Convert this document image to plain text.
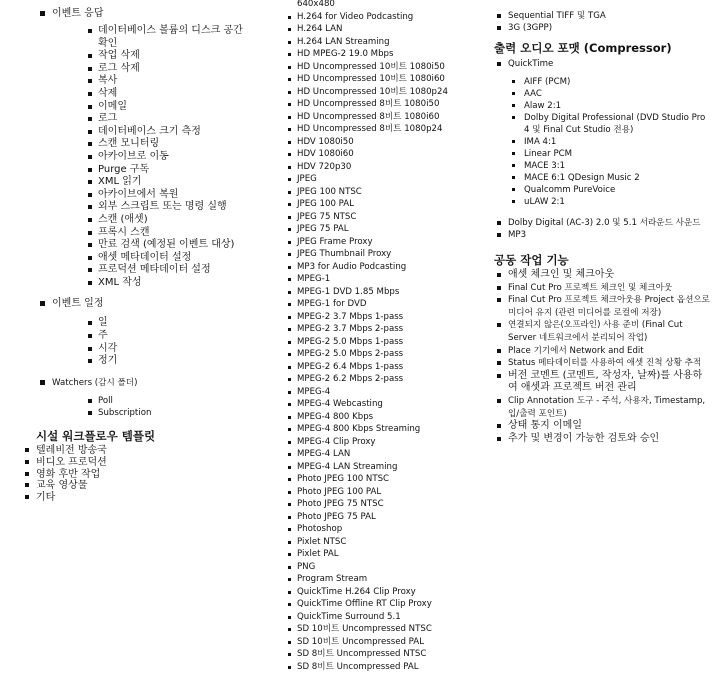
이벤트 응답
데이터베이스 볼륨의 디스크 공간 확인
작업 삭제
로그 삭제
복사
삭제
이메일
로그
데이터베이스 크기 측정
스캔 모니터링
아카이브로 이동
Purge 구독
XML 읽기
아카이브에서 복원
외부 스크립트 또는 명령 실행
스캔 (애셋)
프록시 스캔
만료 검색 (예정된 이벤트 대상)
애셋 메타데이터 설정
프로덕션 메타데이터 설정
XML 작성
이벤트 일정
일
주
시각
정기
Watchers (감시 폴더)
Poll
Subscription
시설 워크플로우 템플릿
텔레비전 방송국
비디오 프로덕션
영화 후반 작업
교육 영상물
기타
640x480
H.264 for Video Podcasting
H.264 LAN
H.264 LAN Streaming
HD MPEG-2 19.0 Mbps
HD Uncompressed 10비트 1080i50
HD Uncompressed 10비트 1080i60
HD Uncompressed 10비트 1080p24
HD Uncompressed 8비트 1080i50
HD Uncompressed 8비트 1080i60
HD Uncompressed 8비트 1080p24
HDV 1080i50
HDV 1080i60
HDV 720p30
JPEG
JPEG 100 NTSC
JPEG 100 PAL
JPEG 75 NTSC
JPEG 75 PAL
JPEG Frame Proxy
JPEG Thumbnail Proxy
MP3 for Audio Podcasting
MPEG-1
MPEG-1 DVD 1.85 Mbps
MPEG-1 for DVD
MPEG-2 3.7 Mbps 1-pass
MPEG-2 3.7 Mbps 2-pass
MPEG-2 5.0 Mbps 1-pass
MPEG-2 5.0 Mbps 2-pass
MPEG-2 6.4 Mbps 1-pass
MPEG-2 6.2 Mbps 2-pass
MPEG-4
MPEG-4 Webcasting
MPEG-4 800 Kbps
MPEG-4 800 Kbps Streaming
MPEG-4 Clip Proxy
MPEG-4 LAN
MPEG-4 LAN Streaming
Photo JPEG 100 NTSC
Photo JPEG 100 PAL
Photo JPEG 75 NTSC
Photo JPEG 75 PAL
Photoshop
Pixlet NTSC
Pixlet PAL
PNG
Program Stream
QuickTime H.264 Clip Proxy
QuickTime Offline RT Clip Proxy
QuickTime Surround 5.1
SD 10비트 Uncompressed NTSC
SD 10비트 Uncompressed PAL
SD 8비트 Uncompressed NTSC
SD 8비트 Uncompressed PAL
Sequential TIFF 및 TGA
3G (3GPP)
출력 오디오 포맷 (Compressor)
QuickTime
AIFF (PCM)
AAC
Alaw 2:1
Dolby Digital Professional (DVD Studio Pro 4 및 Final Cut Studio 전용)
IMA 4:1
Linear PCM
MACE 3:1
MACE 6:1 QDesign Music 2
Qualcomm PureVoice
uLAW 2:1
Dolby Digital (AC-3) 2.0 및 5.1 서라운드 사운드
MP3
공동 작업 기능
애셋 체크인 및 체크아웃
Final Cut Pro 프로젝트 체크인 및 체크아웃
Final Cut Pro 프로젝트 체크아웃용 Project 옵션으로 미디어 유지 (관련 미디어를 로컬에 저장)
연결되지 않은(오프라인) 사용 준비 (Final Cut Server 네트워크에서 분리되어 작업)
Place 기기에서 Network and Edit
Status 메타데이터를 사용하여 애셋 진척 상황 추적
버전 코멘트 (코멘트, 작성자, 날짜)를 사용하여 애셋과 프로젝트 버전 관리
Clip Annotation 도구 - 주석, 사용자, Timestamp, 입/출력 포인트)
상태 통지 이메일
추가 및 변경이 가능한 검토와 승인
